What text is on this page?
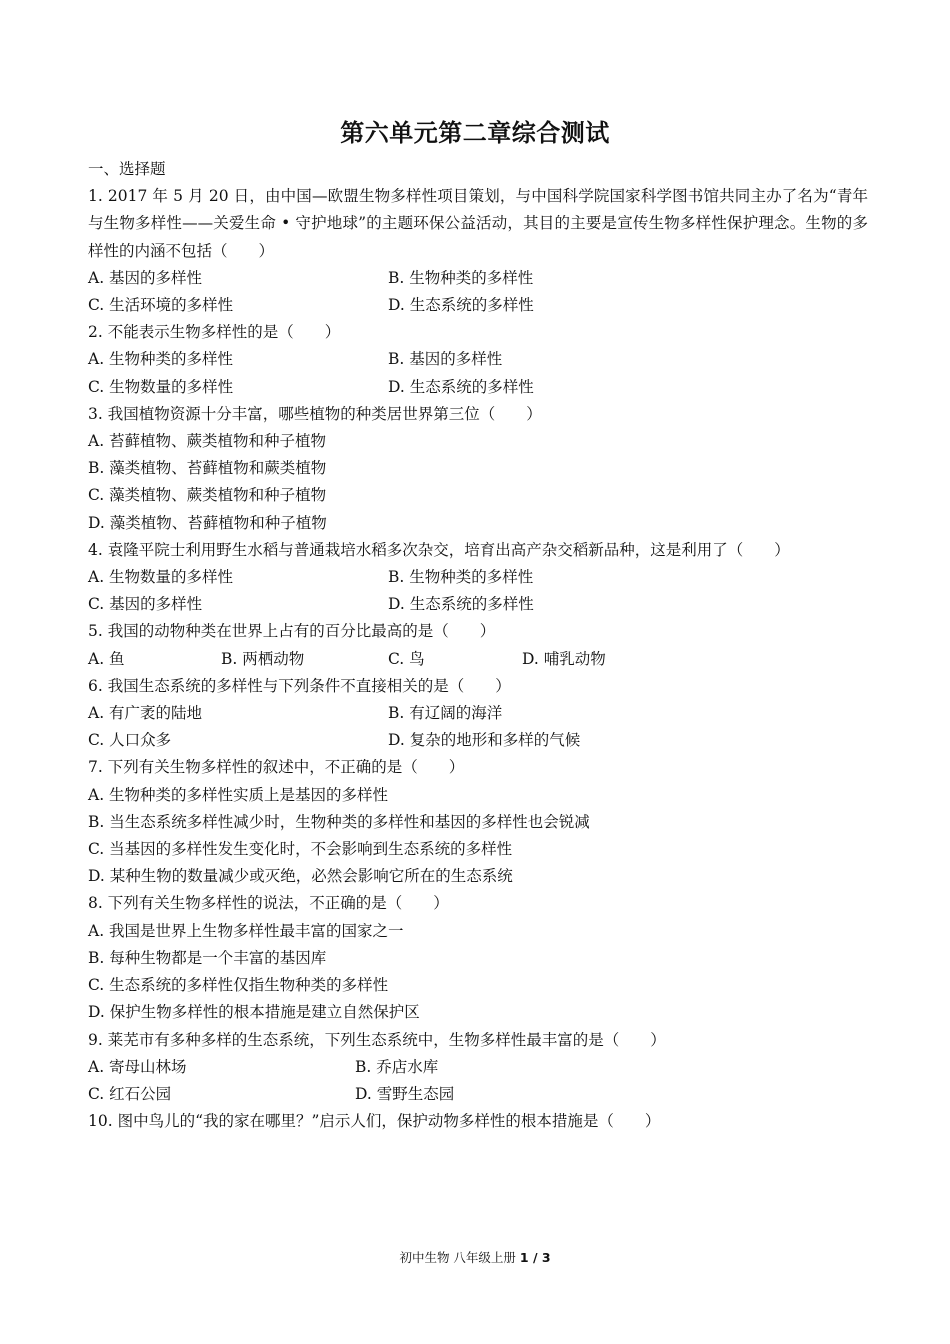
第六单元第二章综合测试
一、选择题
1. 2017 年 5 月 20 日，由中国—欧盟生物多样性项目策划，与中国科学院国家科学图书馆共同主办了名为“青年与生物多样性——关爱生命 • 守护地球”的主题环保公益活动，其目的主要是宣传生物多样性保护理念。生物的多样性的内涵不包括（　　）
A. 基因的多样性	B. 生物种类的多样性
C. 生活环境的多样性	D. 生态系统的多样性
2. 不能表示生物多样性的是（　　）
A. 生物种类的多样性	B. 基因的多样性
C. 生物数量的多样性	D. 生态系统的多样性
3. 我国植物资源十分丰富，哪些植物的种类居世界第三位（　　）
A. 苔藓植物、蕨类植物和种子植物
B. 藻类植物、苔藓植物和蕨类植物
C. 藻类植物、蕨类植物和种子植物
D. 藻类植物、苔藓植物和种子植物
4. 袁隆平院士利用野生水稻与普通栽培水稻多次杂交，培育出高产杂交稻新品种，这是利用了（　　）
A. 生物数量的多样性	B. 生物种类的多样性
C. 基因的多样性	D. 生态系统的多样性
5. 我国的动物种类在世界上占有的百分比最高的是（　　）
A. 鱼	B. 两栖动物	C. 鸟	D. 哺乳动物
6. 我国生态系统的多样性与下列条件不直接相关的是（　　）
A. 有广袤的陆地	B. 有辽阔的海洋
C. 人口众多	D. 复杂的地形和多样的气候
7. 下列有关生物多样性的叙述中，不正确的是（　　）
A. 生物种类的多样性实质上是基因的多样性
B. 当生态系统多样性减少时，生物种类的多样性和基因的多样性也会锐减
C. 当基因的多样性发生变化时，不会影响到生态系统的多样性
D. 某种生物的数量减少或灭绝，必然会影响它所在的生态系统
8. 下列有关生物多样性的说法，不正确的是（　　）
A. 我国是世界上生物多样性最丰富的国家之一
B. 每种生物都是一个丰富的基因库
C. 生态系统的多样性仅指生物种类的多样性
D. 保护生物多样性的根本措施是建立自然保护区
9. 莱芜市有多种多样的生态系统，下列生态系统中，生物多样性最丰富的是（　　）
A. 寄母山林场	B. 乔店水库
C. 红石公园	D. 雪野生态园
10. 图中鸟儿的“我的家在哪里？”启示人们，保护动物多样性的根本措施是（　　）
初中生物 八年级上册 1 / 3
